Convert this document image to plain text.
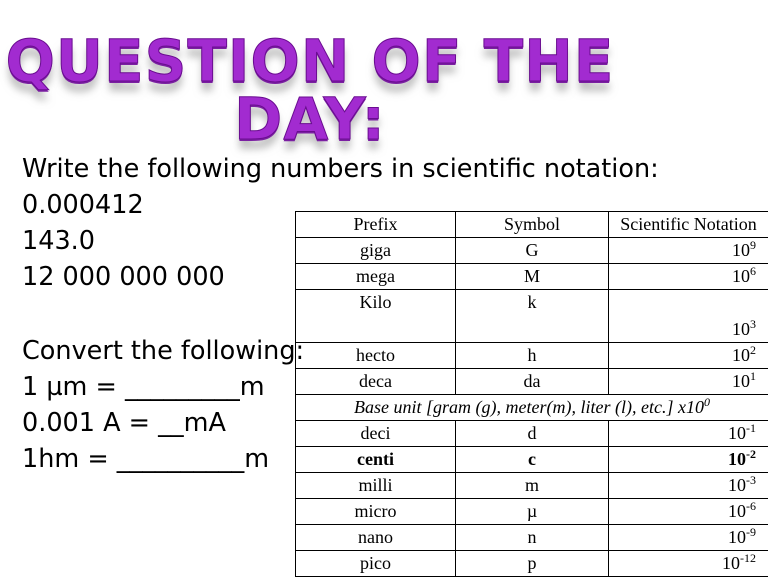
QUESTION OF THE DAY:
Write the following numbers in scientific notation:
0.000412
143.0
12 000 000 000
Convert the following:
1 µm = _________m
0.001 A = __mA
1hm = __________m
Prefix	Symbol	Scientific Notation
giga	G	$10^9$
mega	M	$10^6$
Kilo	k	$10^3$
hecto	h	$10^2$
deca	da	$10^1$
Base unit [gram (g), meter(m), liter (l), etc.] $x10^0$
deci	d	$10^{-1}$
centi	c	$10^{-2}$
milli	m	$10^{-3}$
micro	µ	$10^{-6}$
nano	n	$10^{-9}$
pico	p	$10^{-12}$
